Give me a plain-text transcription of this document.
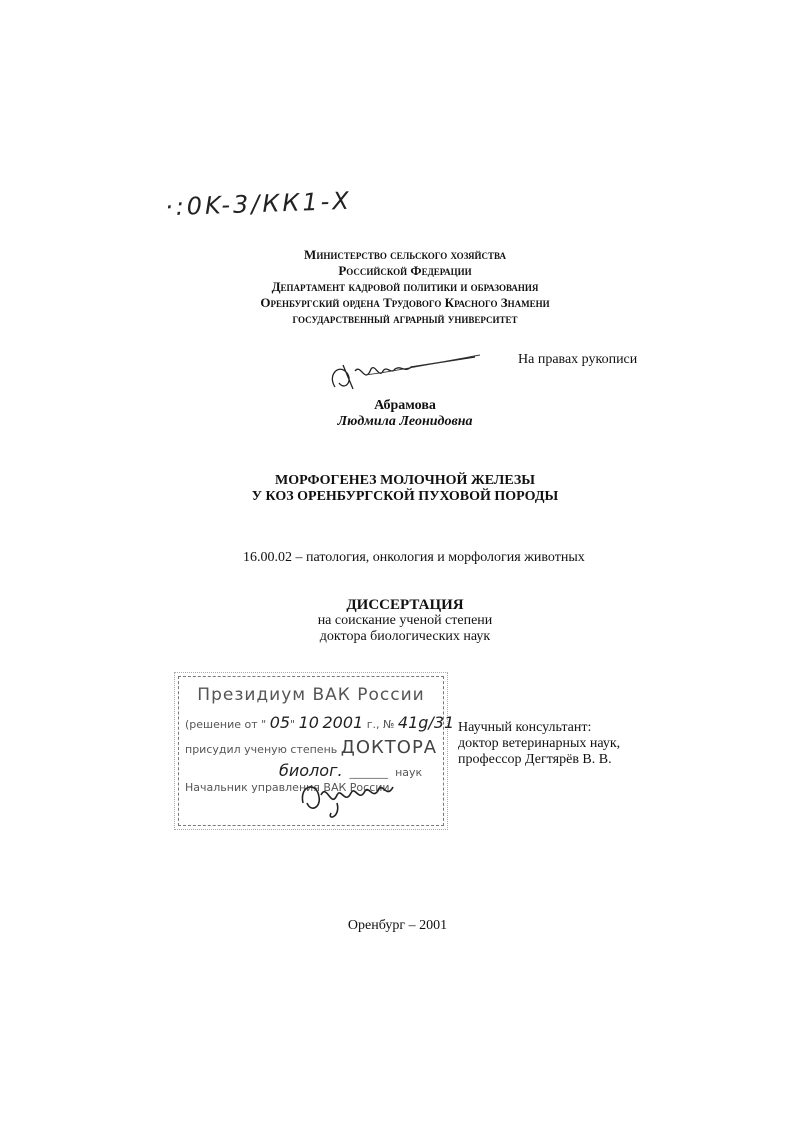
·:0K-3/КК1-X
Министерство сельского хозяйства
Российской Федерации
Департамент кадровой политики и образования
Оренбургский ордена Трудового Красного Знамени
государственный аграрный университет
На правах рукописи
Абрамова
Людмила Леонидовна
МОРФОГЕНЕЗ МОЛОЧНОЙ ЖЕЛЕЗЫ
У КОЗ ОРЕНБУРГСКОЙ ПУХОВОЙ ПОРОДЫ
16.00.02 – патология, онкология и морфология животных
ДИССЕРТАЦИЯ
на соискание ученой степени
доктора биологических наук
Президиум ВАК России
(решение от " 05" 10 2001 г., № 41g/31
присудил ученую степень ДОКТОРА
биолог.  _______  наук
Начальник управления ВАК России
Научный консультант:
доктор ветеринарных наук,
профессор Дегтярёв В. В.
Оренбург – 2001
